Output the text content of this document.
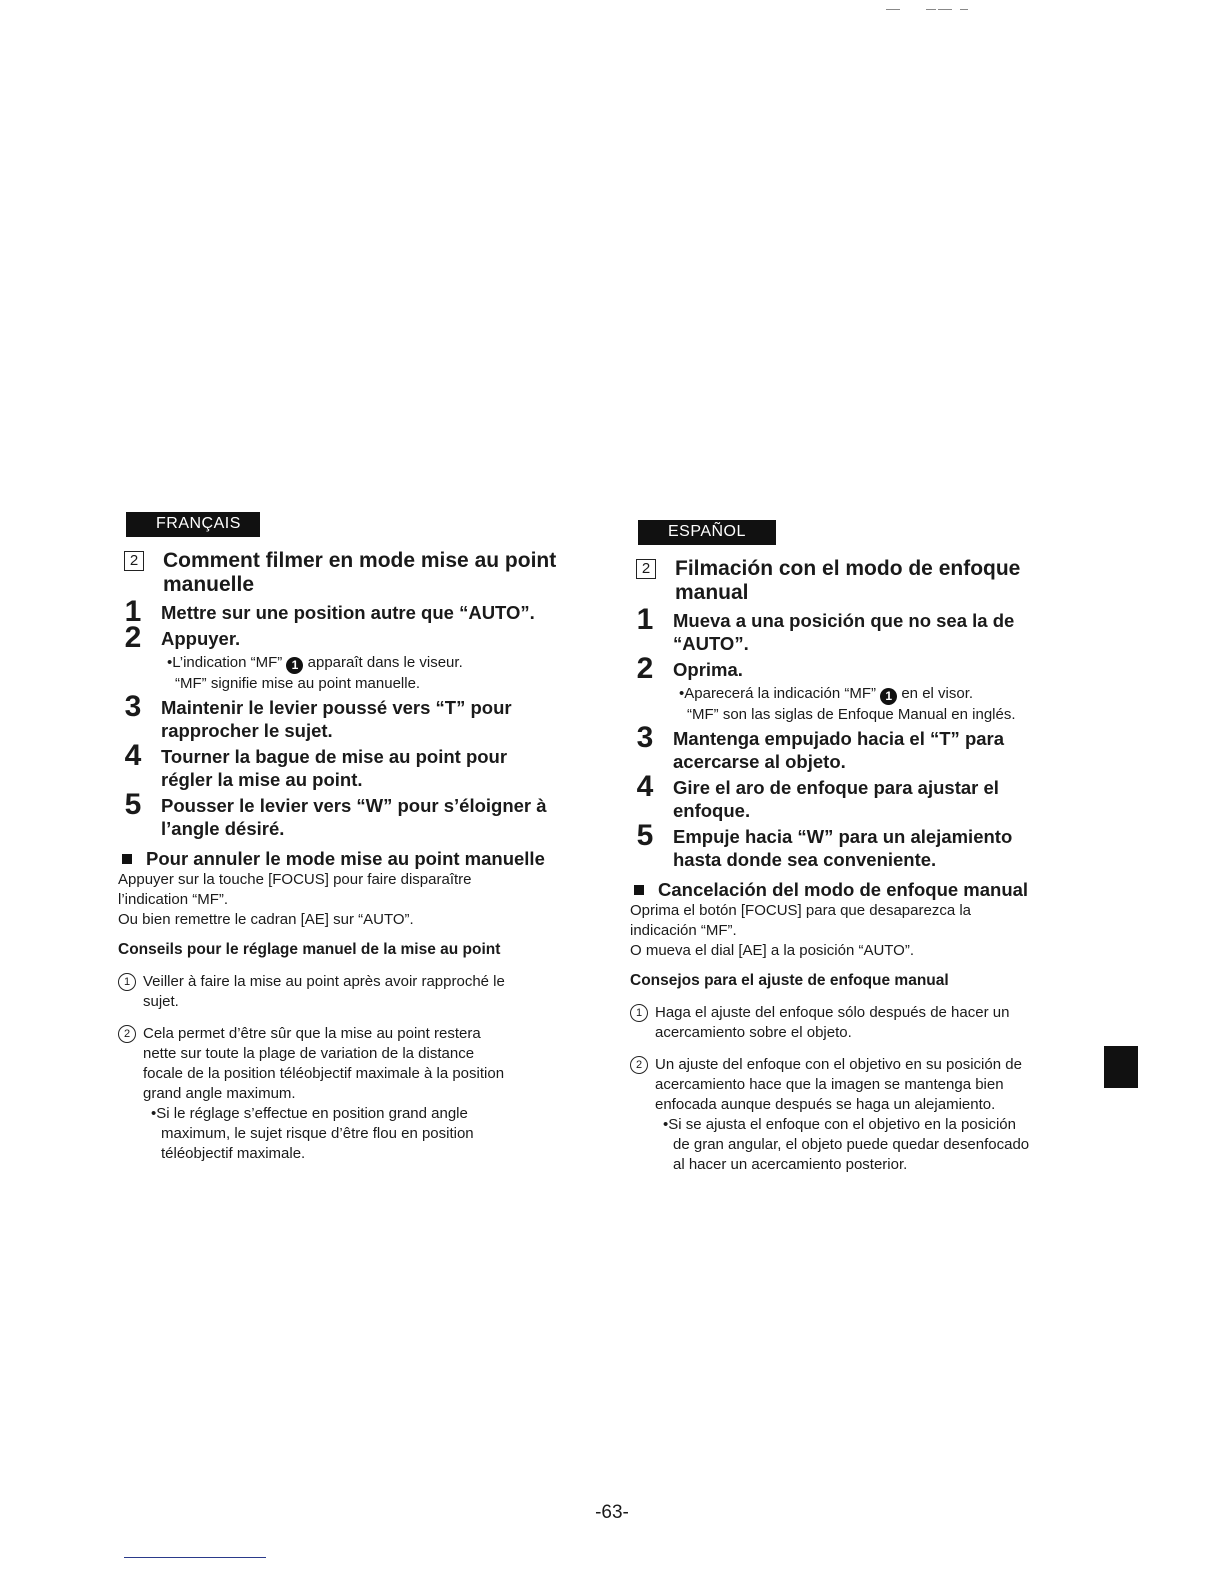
FRANÇAIS
2 Comment filmer en mode mise au point
manuelle
1	Mettre sur une position autre que “AUTO”.
2	Appuyer.
•L’indication “MF” 1 apparaît dans le viseur.
“MF” signifie mise au point manuelle.
3	Maintenir le levier poussé vers “T” pour
rapprocher le sujet.
4	Tourner la bague de mise au point pour
régler la mise au point.
5	Pousser le levier vers “W” pour s’éloigner à
l’angle désiré.
Pour annuler le mode mise au point manuelle
Appuyer sur la touche [FOCUS] pour faire disparaître
l’indication “MF”.
Ou bien remettre le cadran [AE] sur “AUTO”.
Conseils pour le réglage manuel de la mise au point
1 Veiller à faire la mise au point après avoir rapproché le
sujet.
2 Cela permet d’être sûr que la mise au point restera
nette sur toute la plage de variation de la distance
focale de la position téléobjectif maximale à la position
grand angle maximum.
•Si le réglage s’effectue en position grand angle
maximum, le sujet risque d’être flou en position
téléobjectif maximale.
ESPAÑOL
2 Filmación con el modo de enfoque
manual
1	Mueva a una posición que no sea la de
“AUTO”.
2	Oprima.
•Aparecerá la indicación “MF” 1 en el visor.
“MF” son las siglas de Enfoque Manual en inglés.
3	Mantenga empujado hacia el “T” para
acercarse al objeto.
4	Gire el aro de enfoque para ajustar el
enfoque.
5	Empuje hacia “W” para un alejamiento
hasta donde sea conveniente.
Cancelación del modo de enfoque manual
Oprima el botón [FOCUS] para que desaparezca la
indicación “MF”.
O mueva el dial [AE] a la posición “AUTO”.
Consejos para el ajuste de enfoque manual
1 Haga el ajuste del enfoque sólo después de hacer un
acercamiento sobre el objeto.
2 Un ajuste del enfoque con el objetivo en su posición de
acercamiento hace que la imagen se mantenga bien
enfocada aunque después se haga un alejamiento.
•Si se ajusta el enfoque con el objetivo en la posición
de gran angular, el objeto puede quedar desenfocado
al hacer un acercamiento posterior.
-63-
